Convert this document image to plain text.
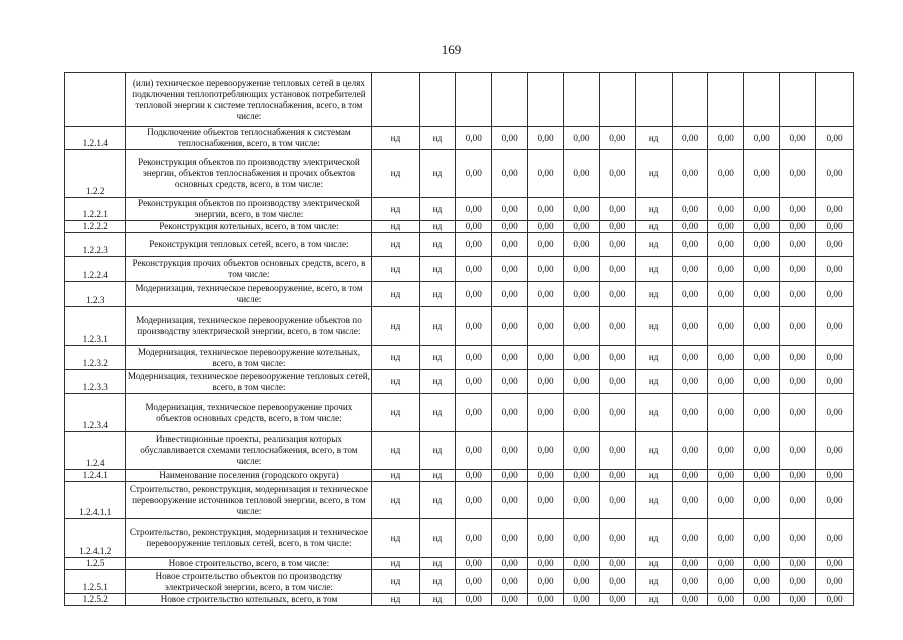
169
	(или) техническое перевооружение тепловых сетей в целях подключения теплопотребляющих установок потребителей тепловой энергии к системе теплоснабжения, всего, в том числе:													
1.2.1.4	Подключение объектов теплоснабжения к системам теплоснабжения, всего, в том числе:	нд	нд	0,00	0,00	0,00	0,00	0,00	нд	0,00	0,00	0,00	0,00	0,00
1.2.2	Реконструкция объектов по производству электрической энергии, объектов теплоснабжения и прочих объектов основных средств, всего, в том числе:	нд	нд	0,00	0,00	0,00	0,00	0,00	нд	0,00	0,00	0,00	0,00	0,00
1.2.2.1	Реконструкция объектов по производству электрической энергии, всего, в том числе:	нд	нд	0,00	0,00	0,00	0,00	0,00	нд	0,00	0,00	0,00	0,00	0,00
1.2.2.2	Реконструкция котельных, всего, в том числе:	нд	нд	0,00	0,00	0,00	0,00	0,00	нд	0,00	0,00	0,00	0,00	0,00
1.2.2.3	Реконструкция тепловых сетей, всего, в том числе:	нд	нд	0,00	0,00	0,00	0,00	0,00	нд	0,00	0,00	0,00	0,00	0,00
1.2.2.4	Реконструкция прочих объектов основных средств, всего, в том числе:	нд	нд	0,00	0,00	0,00	0,00	0,00	нд	0,00	0,00	0,00	0,00	0,00
1.2.3	Модернизация, техническое перевооружение, всего, в том числе:	нд	нд	0,00	0,00	0,00	0,00	0,00	нд	0,00	0,00	0,00	0,00	0,00
1.2.3.1	Модернизация, техническое перевооружение объектов по производству электрической энергии, всего, в том числе:	нд	нд	0,00	0,00	0,00	0,00	0,00	нд	0,00	0,00	0,00	0,00	0,00
1.2.3.2	Модернизация, техническое перевооружение котельных, всего, в том числе:	нд	нд	0,00	0,00	0,00	0,00	0,00	нд	0,00	0,00	0,00	0,00	0,00
1.2.3.3	Модернизация, техническое перевооружение тепловых сетей, всего, в том числе:	нд	нд	0,00	0,00	0,00	0,00	0,00	нд	0,00	0,00	0,00	0,00	0,00
1.2.3.4	Модернизация, техническое перевооружение прочих объектов основных средств, всего, в том числе:	нд	нд	0,00	0,00	0,00	0,00	0,00	нд	0,00	0,00	0,00	0,00	0,00
1.2.4	Инвестиционные проекты, реализация которых обуславливается схемами теплоснабжения, всего, в том числе:	нд	нд	0,00	0,00	0,00	0,00	0,00	нд	0,00	0,00	0,00	0,00	0,00
1.2.4.1	Наименование поселения (городского округа)	нд	нд	0,00	0,00	0,00	0,00	0,00	нд	0,00	0,00	0,00	0,00	0,00
1.2.4.1.1	Строительство, реконструкция, модернизация и техническое перевооружение источников тепловой энергии, всего, в том числе:	нд	нд	0,00	0,00	0,00	0,00	0,00	нд	0,00	0,00	0,00	0,00	0,00
1.2.4.1.2	Строительство, реконструкция, модернизация и техническое перевооружение тепловых сетей, всего, в том числе:	нд	нд	0,00	0,00	0,00	0,00	0,00	нд	0,00	0,00	0,00	0,00	0,00
1.2.5	Новое строительство, всего, в том числе:	нд	нд	0,00	0,00	0,00	0,00	0,00	нд	0,00	0,00	0,00	0,00	0,00
1.2.5.1	Новое строительство объектов по производству электрической энергии, всего, в том числе:	нд	нд	0,00	0,00	0,00	0,00	0,00	нд	0,00	0,00	0,00	0,00	0,00
1.2.5.2	Новое строительство котельных, всего, в том	нд	нд	0,00	0,00	0,00	0,00	0,00	нд	0,00	0,00	0,00	0,00	0,00
